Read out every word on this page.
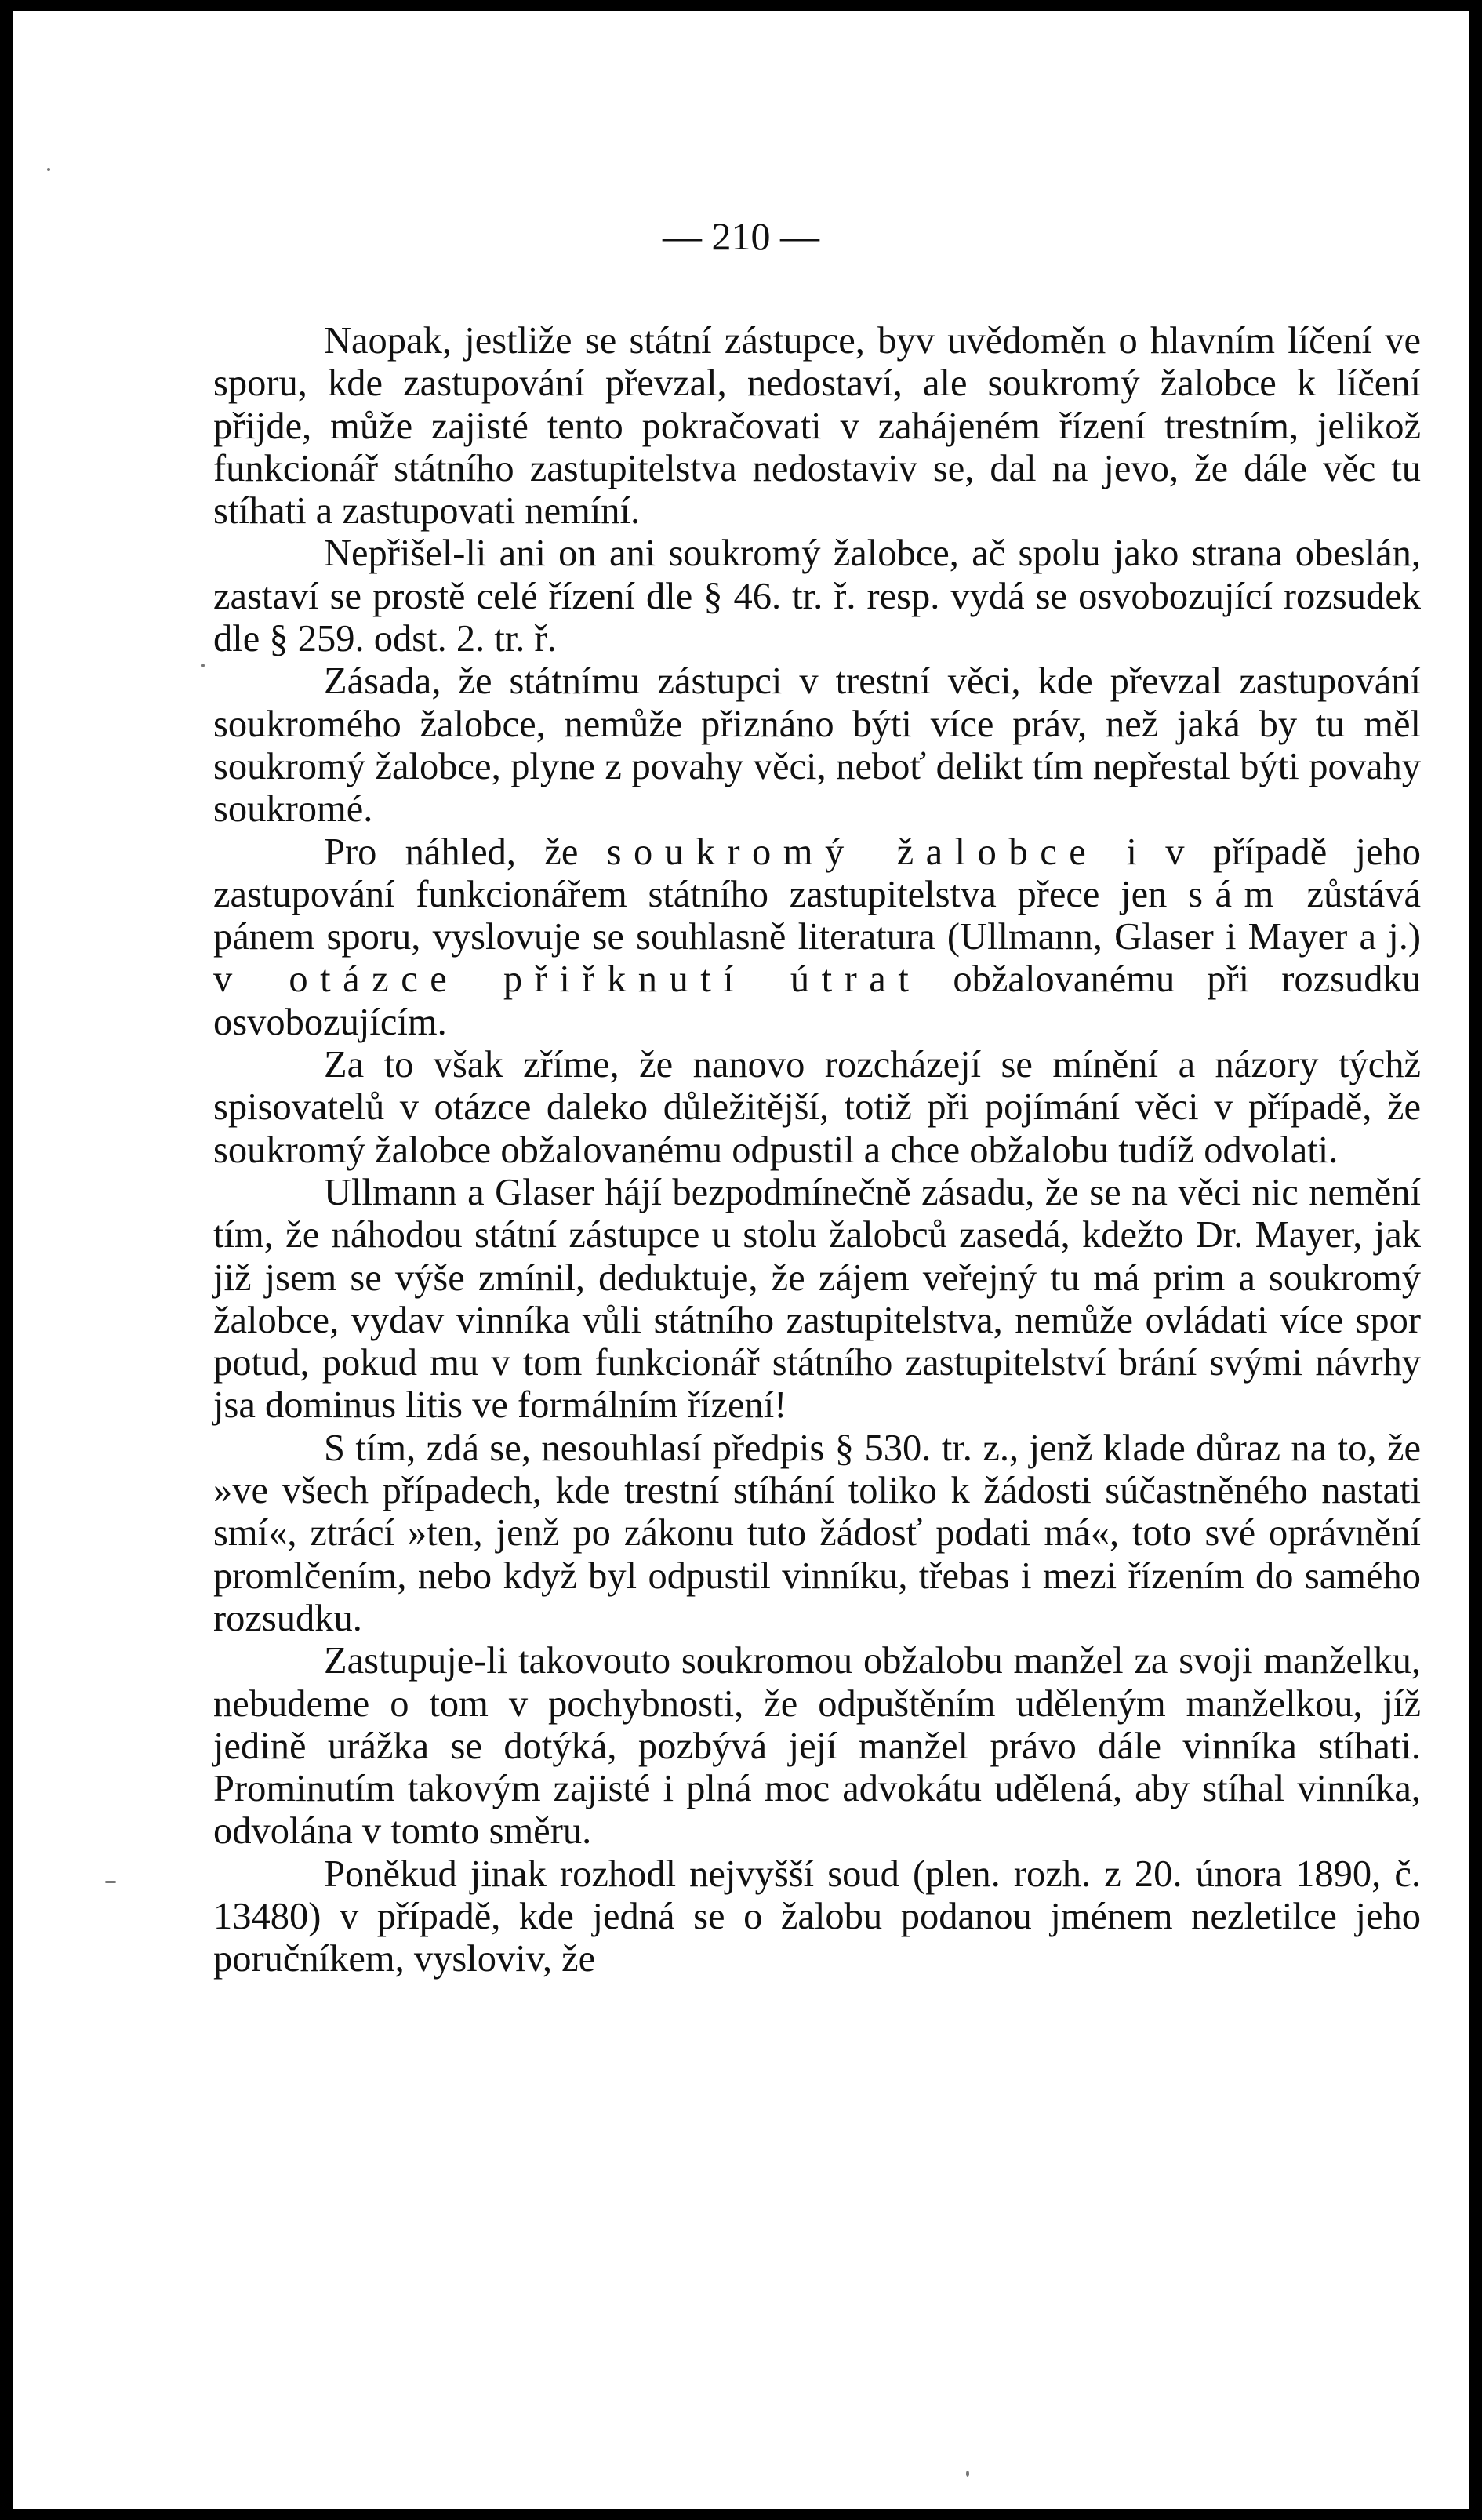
— 210 —

Naopak, jestliže se státní zástupce, byv uvědoměn o hlavním líčení ve sporu, kde zastupování převzal, nedostaví, ale soukromý žalobce k líčení přijde, může zajisté tento pokračovati v zahájeném řízení trestním, jelikož funkcionář státního zastupitelstva nedostaviv se, dal na jevo, že dále věc tu stíhati a zastupovati nemíní.

Nepřišel-li ani on ani soukromý žalobce, ač spolu jako strana obeslán, zastaví se prostě celé řízení dle § 46. tr. ř. resp. vydá se osvobozující rozsudek dle § 259. odst. 2. tr. ř.

Zásada, že státnímu zástupci v trestní věci, kde převzal zastupování soukromého žalobce, nemůže přiznáno býti více práv, než jaká by tu měl soukromý žalobce, plyne z povahy věci, neboť delikt tím nepřestal býti povahy soukromé.

Pro náhled, že soukromý žalobce i v případě jeho zastupování funkcionářem státního zastupitelstva přece jen sám zůstává pánem sporu, vyslovuje se souhlasně literatura (Ullmann, Glaser i Mayer a j.) v otázce přiřknutí útrat obžalovanému při rozsudku osvobozujícím.

Za to však zříme, že nanovo rozcházejí se mínění a názory týchž spisovatelů v otázce daleko důležitější, totiž při pojímání věci v případě, že soukromý žalobce obžalovanému odpustil a chce obžalobu tudíž odvolati.

Ullmann a Glaser hájí bezpodmínečně zásadu, že se na věci nic nemění tím, že náhodou státní zástupce u stolu žalobců zasedá, kdežto Dr. Mayer, jak již jsem se výše zmínil, deduktuje, že zájem veřejný tu má prim a soukromý žalobce, vydav vinníka vůli státního zastupitelstva, nemůže ovládati více spor potud, pokud mu v tom funkcionář státního zastupitelství brání svými návrhy jsa dominus litis ve formálním řízení!

S tím, zdá se, nesouhlasí předpis § 530. tr. z., jenž klade důraz na to, že »ve všech případech, kde trestní stíhání toliko k žádosti súčastněného nastati smí«, ztrácí »ten, jenž po zákonu tuto žádosť podati má«, toto své oprávnění promlčením, nebo když byl odpustil vinníku, třebas i mezi řízením do samého rozsudku.

Zastupuje-li takovouto soukromou obžalobu manžel za svoji manželku, nebudeme o tom v pochybnosti, že odpuštěním uděleným manželkou, jíž jedině urážka se dotýká, pozbývá její manžel právo dále vinníka stíhati. Prominutím takovým zajisté i plná moc advokátu udělená, aby stíhal vinníka, odvolána v tomto směru.

Poněkud jinak rozhodl nejvyšší soud (plen. rozh. z 20. února 1890, č. 13480) v případě, kde jedná se o žalobu podanou jménem nezletilce jeho poručníkem, vysloviv, že
